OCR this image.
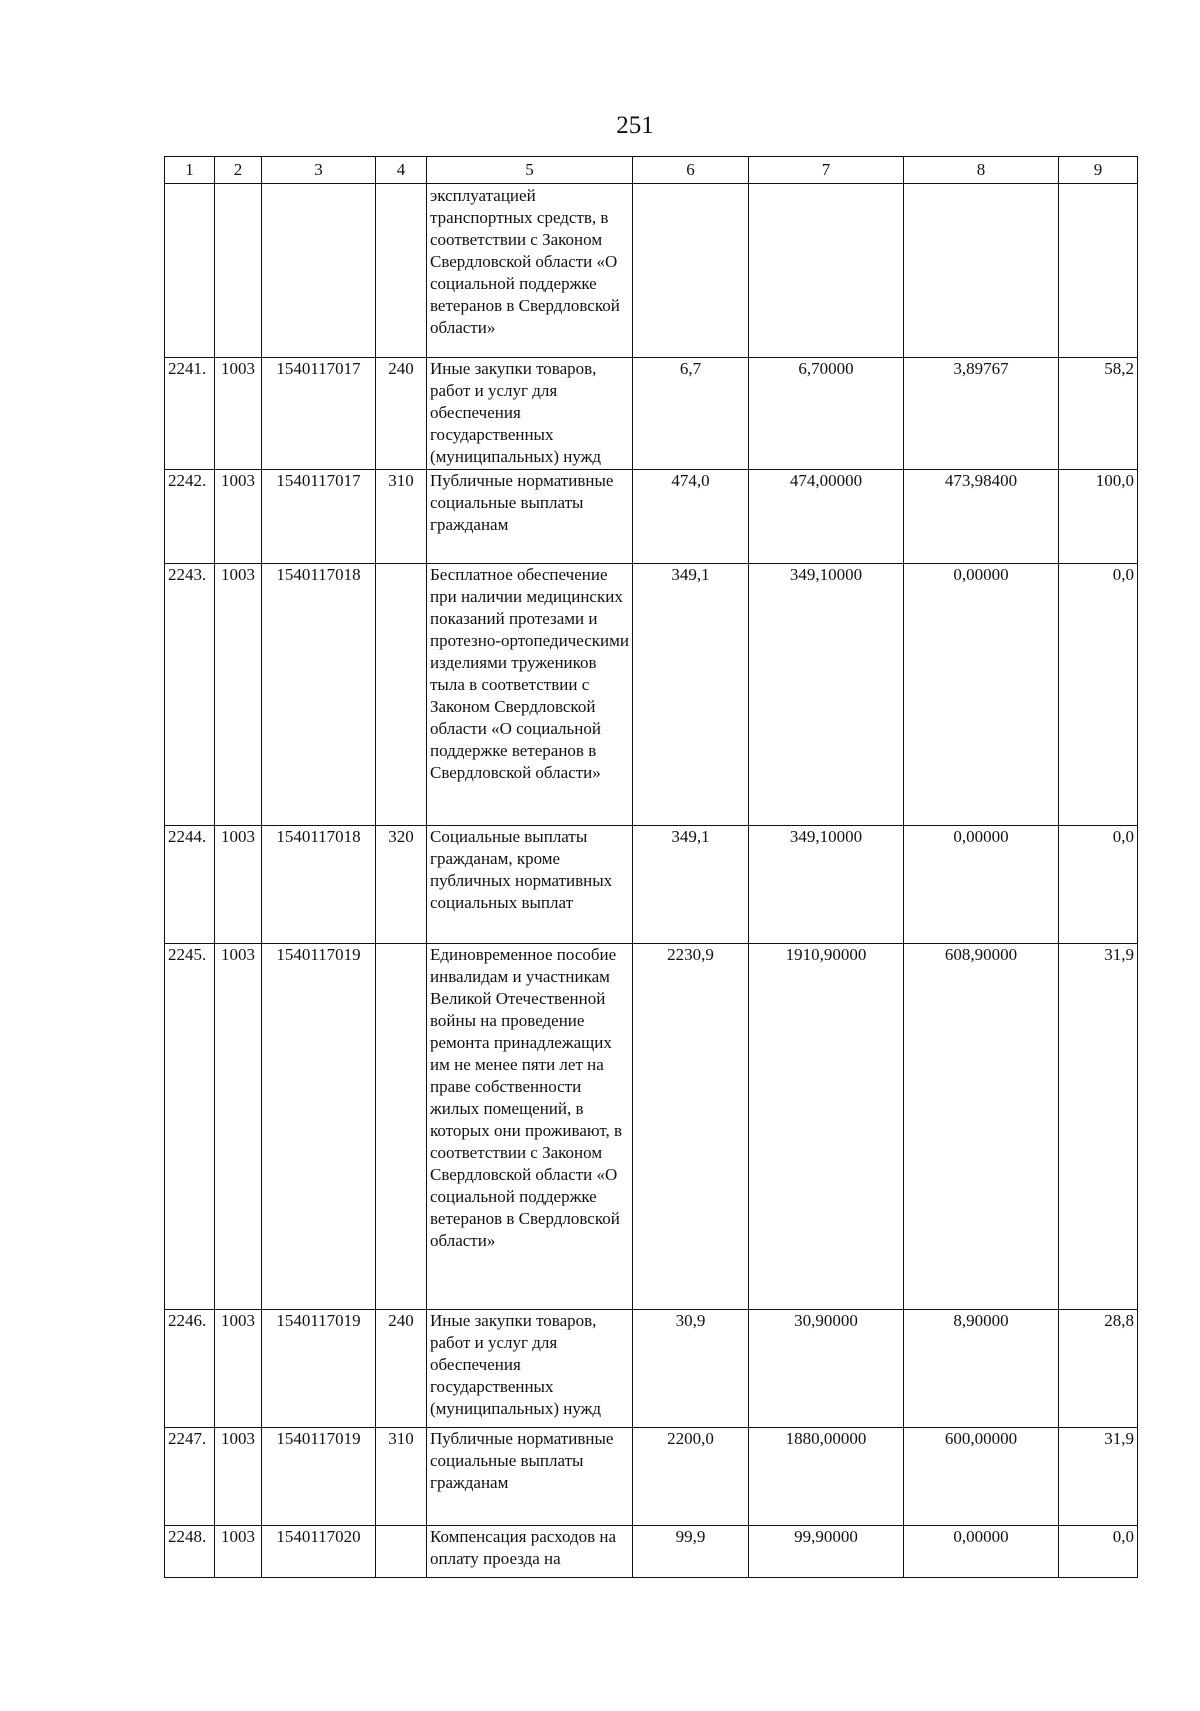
251
1	2	3	4	5	6	7	8	9
				эксплуатацией транспортных средств, в соответствии с Законом Свердловской области «О социальной поддержке ветеранов в Свердловской области»				
2241.	1003	1540117017	240	Иные закупки товаров, работ и услуг для обеспечения государственных (муниципальных) нужд	6,7	6,70000	3,89767	58,2
2242.	1003	1540117017	310	Публичные нормативные социальные выплаты гражданам	474,0	474,00000	473,98400	100,0
2243.	1003	1540117018		Бесплатное обеспечение при наличии медицинских показаний протезами и протезно-ортопедическими изделиями тружеников тыла в соответствии с Законом Свердловской области «О социальной поддержке ветеранов в Свердловской области»	349,1	349,10000	0,00000	0,0
2244.	1003	1540117018	320	Социальные выплаты гражданам, кроме публичных нормативных социальных выплат	349,1	349,10000	0,00000	0,0
2245.	1003	1540117019		Единовременное пособие инвалидам и участникам Великой Отечественной войны на проведение ремонта принадлежащих им не менее пяти лет на праве собственности жилых помещений, в которых они проживают, в соответствии с Законом Свердловской области «О социальной поддержке ветеранов в Свердловской области»	2230,9	1910,90000	608,90000	31,9
2246.	1003	1540117019	240	Иные закупки товаров, работ и услуг для обеспечения государственных (муниципальных) нужд	30,9	30,90000	8,90000	28,8
2247.	1003	1540117019	310	Публичные нормативные социальные выплаты гражданам	2200,0	1880,00000	600,00000	31,9
2248.	1003	1540117020		Компенсация расходов на оплату проезда на	99,9	99,90000	0,00000	0,0
